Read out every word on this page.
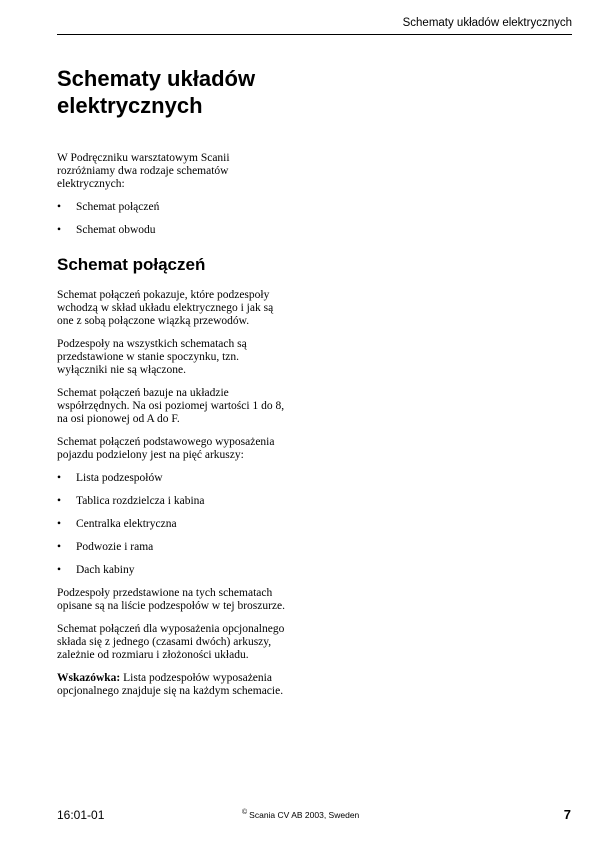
Schematy układów elektrycznych
Schematy układów elektrycznych

W Podręczniku warsztatowym Scanii rozróżniamy dwa rodzaje schematów elektrycznych:

• Schemat połączeń
• Schemat obwodu
Schemat połączeń

Schemat połączeń pokazuje, które podzespoły wchodzą w skład układu elektrycznego i jak są one z sobą połączone wiązką przewodów.

Podzespoły na wszystkich schematach są przedstawione w stanie spoczynku, tzn. wyłączniki nie są włączone.

Schemat połączeń bazuje na układzie współrzędnych. Na osi poziomej wartości 1 do 8, na osi pionowej od A do F.

Schemat połączeń podstawowego wyposażenia pojazdu podzielony jest na pięć arkuszy:

• Lista podzespołów
• Tablica rozdzielcza i kabina
• Centralka elektryczna
• Podwozie i rama
• Dach kabiny

Podzespoły przedstawione na tych schematach opisane są na liście podzespołów w tej broszurze.

Schemat połączeń dla wyposażenia opcjonalnego składa się z jednego (czasami dwóch) arkuszy, zależnie od rozmiaru i złożoności układu.

Wskazówka: Lista podzespołów wyposażenia opcjonalnego znajduje się na każdym schemacie.

16:01-01	© Scania CV AB 2003, Sweden	7
